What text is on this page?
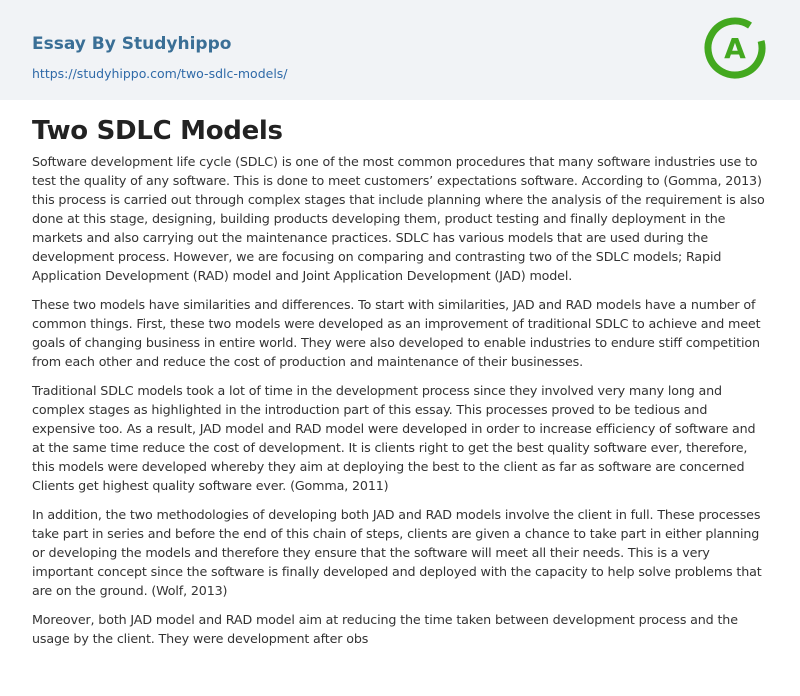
Essay By Studyhippo
https://studyhippo.com/two-sdlc-models/
A
Two SDLC Models

Software development life cycle (SDLC) is one of the most common procedures that many software industries use to test the quality of any software. This is done to meet customers’ expectations software. According to (Gomma, 2013) this process is carried out through complex stages that include planning where the analysis of the requirement is also done at this stage, designing, building products developing them, product testing and finally deployment in the markets and also carrying out the maintenance practices. SDLC has various models that are used during the development process. However, we are focusing on comparing and contrasting two of the SDLC models; Rapid Application Development (RAD) model and Joint Application Development (JAD) model.

These two models have similarities and differences. To start with similarities, JAD and RAD models have a number of common things. First, these two models were developed as an improvement of traditional SDLC to achieve and meet goals of changing business in entire world. They were also developed to enable industries to endure stiff competition from each other and reduce the cost of production and maintenance of their businesses.

Traditional SDLC models took a lot of time in the development process since they involved very many long and complex stages as highlighted in the introduction part of this essay. This processes proved to be tedious and expensive too. As a result, JAD model and RAD model were developed in order to increase efficiency of software and at the same time reduce the cost of development. It is clients right to get the best quality software ever, therefore, this models were developed whereby they aim at deploying the best to the client as far as software are concerned Clients get highest quality software ever. (Gomma, 2011)

In addition, the two methodologies of developing both JAD and RAD models involve the client in full. These processes take part in series and before the end of this chain of steps, clients are given a chance to take part in either planning or developing the models and therefore they ensure that the software will meet all their needs. This is a very important concept since the software is finally developed and deployed with the capacity to help solve problems that are on the ground. (Wolf, 2013)

Moreover, both JAD model and RAD model aim at reducing the time taken between development process and the usage by the client. They were development after obs
